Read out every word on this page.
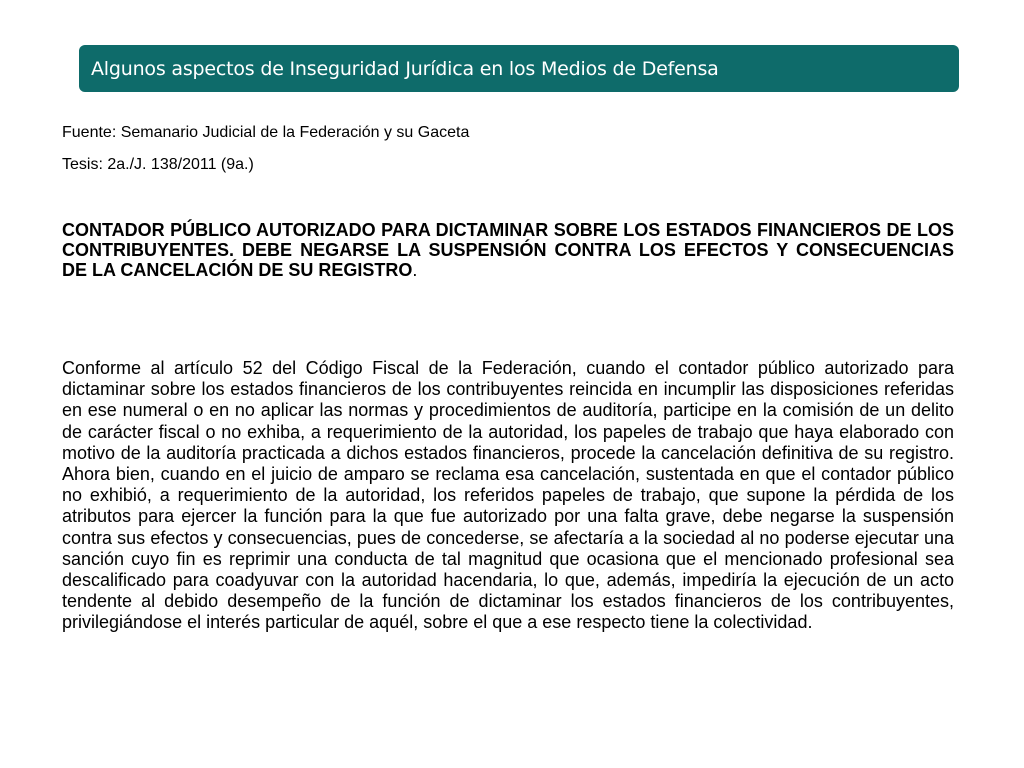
Algunos aspectos de Inseguridad Jurídica en los Medios de Defensa
Fuente: Semanario Judicial de la Federación y su Gaceta
Tesis: 2a./J. 138/2011 (9a.)
CONTADOR PÚBLICO AUTORIZADO PARA DICTAMINAR SOBRE LOS ESTADOS FINANCIEROS DE LOS CONTRIBUYENTES. DEBE NEGARSE LA SUSPENSIÓN CONTRA LOS EFECTOS Y CONSECUENCIAS DE LA CANCELACIÓN DE SU REGISTRO.
Conforme al artículo 52 del Código Fiscal de la Federación, cuando el contador público autorizado para dictaminar sobre los estados financieros de los contribuyentes reincida en incumplir las disposiciones referidas en ese numeral o en no aplicar las normas y procedimientos de auditoría, participe en la comisión de un delito de carácter fiscal o no exhiba, a requerimiento de la autoridad, los papeles de trabajo que haya elaborado con motivo de la auditoría practicada a dichos estados financieros, procede la cancelación definitiva de su registro. Ahora bien, cuando en el juicio de amparo se reclama esa cancelación, sustentada en que el contador público no exhibió, a requerimiento de la autoridad, los referidos papeles de trabajo, que supone la pérdida de los atributos para ejercer la función para la que fue autorizado por una falta grave, debe negarse la suspensión contra sus efectos y consecuencias, pues de concederse, se afectaría a la sociedad al no poderse ejecutar una sanción cuyo fin es reprimir una conducta de tal magnitud que ocasiona que el mencionado profesional sea descalificado para coadyuvar con la autoridad hacendaria, lo que, además, impediría la ejecución de un acto tendente al debido desempeño de la función de dictaminar los estados financieros de los contribuyentes, privilegiándose el interés particular de aquél, sobre el que a ese respecto tiene la colectividad.
